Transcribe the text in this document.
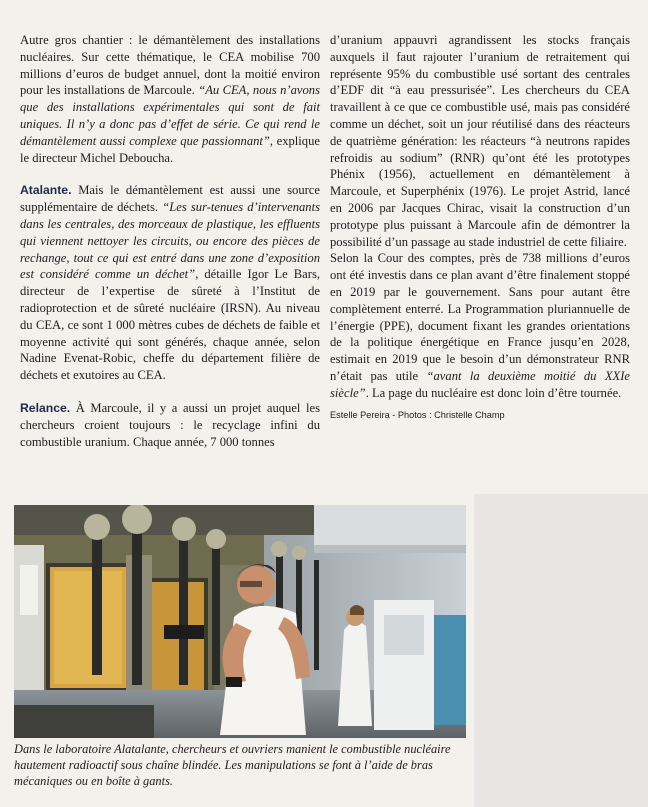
Autre gros chantier : le démantèlement des installations nucléaires. Sur cette thématique, le CEA mobilise 700 millions d’euros de budget annuel, dont la moitié environ pour les installations de Marcoule. “Au CEA, nous n’avons que des installations expérimentales qui sont de fait uniques. Il n’y a donc pas d’effet de série. Ce qui rend le démantèlement aussi complexe que passionnant”, explique le directeur Michel Deboucha.

Atalante. Mais le démantèlement est aussi une source supplémentaire de déchets. “Les sur-tenues d’intervenants dans les centrales, des morceaux de plastique, les effluents qui viennent nettoyer les circuits, ou encore des pièces de rechange, tout ce qui est entré dans une zone d’exposition est considéré comme un déchet”, détaille Igor Le Bars, directeur de l’expertise de sûreté à l’Institut de radioprotection et de sûreté nucléaire (IRSN). Au niveau du CEA, ce sont 1 000 mètres cubes de déchets de faible et moyenne activité qui sont générés, chaque année, selon Nadine Evenat-Robic, cheffe du département filière de déchets et exutoires au CEA.

Relance. À Marcoule, il y a aussi un projet auquel les chercheurs croient toujours : le recyclage infini du combustible uranium. Chaque année, 7 000 tonnes

d’uranium appauvri agrandissent les stocks français auxquels il faut rajouter l’uranium de retraitement qui représente 95% du combustible usé sortant des centrales d’EDF dit “à eau pressurisée”. Les chercheurs du CEA travaillent à ce que ce combustible usé, mais pas considéré comme un déchet, soit un jour réutilisé dans des réacteurs de quatrième génération: les réacteurs “à neutrons rapides refroidis au sodium” (RNR) qu’ont été les prototypes Phénix (1956), actuellement en démantèlement à Marcoule, et Superphénix (1976). Le projet Astrid, lancé en 2006 par Jacques Chirac, visait la construction d’un prototype plus puissant à Marcoule afin de démontrer la possibilité d’un passage au stade industriel de cette filiaire.

Selon la Cour des comptes, près de 738 millions d’euros ont été investis dans ce plan avant d’être finalement stoppé en 2019 par le gouvernement. Sans pour autant être complètement enterré. La Programmation pluriannuelle de l’énergie (PPE), document fixant les grandes orientations de la politique énergétique en France jusqu’en 2028, estimait en 2019 que le besoin d’un démonstrateur RNR n’était pas utile “avant la deuxième moitié du XXIe siècle”. La page du nucléaire est donc loin d’être tournée.

Estelle Pereira - Photos : Christelle Champ
Dans le laboratoire Alatalante, chercheurs et ouvriers manient le combustible nucléaire hautement radioactif sous chaîne blindée. Les manipulations se font à l’aide de bras mécaniques ou en boîte à gants.
